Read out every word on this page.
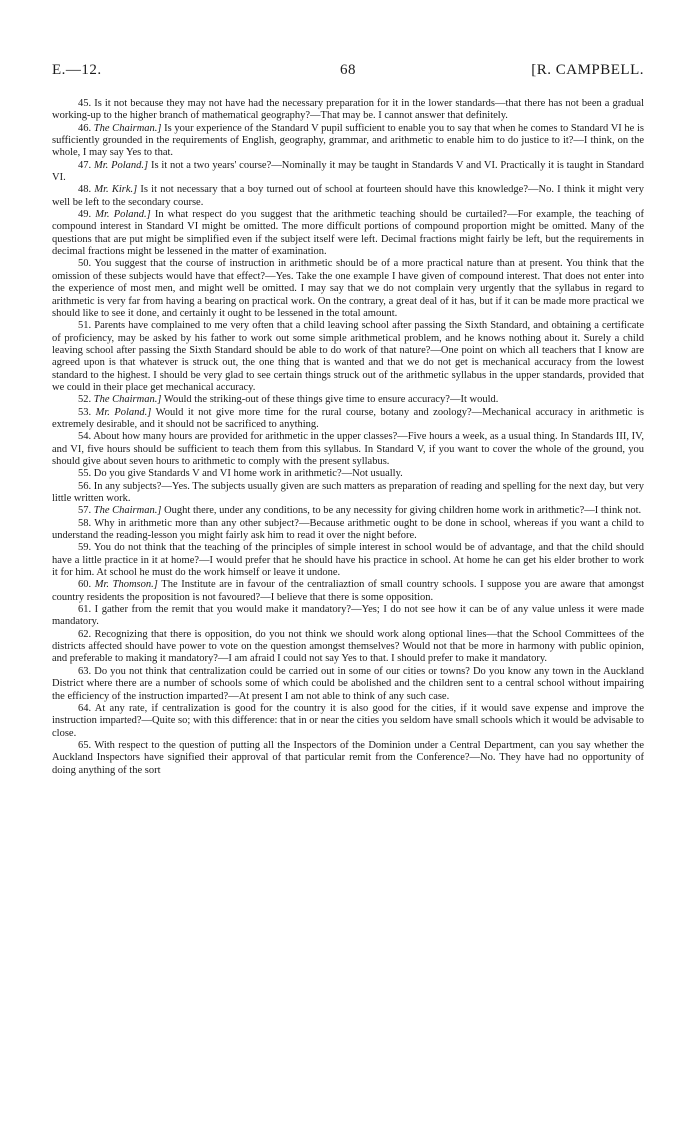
E.—12.	68	[R. CAMPBELL.

45. Is it not because they may not have had the necessary preparation for it in the lower standards—that there has not been a gradual working-up to the higher branch of mathematical geography?—That may be. I cannot answer that definitely.

46. The Chairman.] Is your experience of the Standard V pupil sufficient to enable you to say that when he comes to Standard VI he is sufficiently grounded in the requirements of English, geography, grammar, and arithmetic to enable him to do justice to it?—I think, on the whole, I may say Yes to that.

47. Mr. Poland.] Is it not a two years' course?—Nominally it may be taught in Standards V and VI. Practically it is taught in Standard VI.

48. Mr. Kirk.] Is it not necessary that a boy turned out of school at fourteen should have this knowledge?—No. I think it might very well be left to the secondary course.

49. Mr. Poland.] In what respect do you suggest that the arithmetic teaching should be curtailed?—For example, the teaching of compound interest in Standard VI might be omitted. The more difficult portions of compound proportion might be omitted. Many of the questions that are put might be simplified even if the subject itself were left. Decimal fractions might fairly be left, but the requirements in decimal fractions might be lessened in the matter of examination.

50. You suggest that the course of instruction in arithmetic should be of a more practical nature than at present. You think that the omission of these subjects would have that effect?—Yes. Take the one example I have given of compound interest. That does not enter into the experience of most men, and might well be omitted. I may say that we do not complain very urgently that the syllabus in regard to arithmetic is very far from having a bearing on practical work. On the contrary, a great deal of it has, but if it can be made more practical we should like to see it done, and certainly it ought to be lessened in the total amount.

51. Parents have complained to me very often that a child leaving school after passing the Sixth Standard, and obtaining a certificate of proficiency, may be asked by his father to work out some simple arithmetical problem, and he knows nothing about it. Surely a child leaving school after passing the Sixth Standard should be able to do work of that nature?—One point on which all teachers that I know are agreed upon is that whatever is struck out, the one thing that is wanted and that we do not get is mechanical accuracy from the lowest standard to the highest. I should be very glad to see certain things struck out of the arithmetic syllabus in the upper standards, provided that we could in their place get mechanical accuracy.

52. The Chairman.] Would the striking-out of these things give time to ensure accuracy?—It would.

53. Mr. Poland.] Would it not give more time for the rural course, botany and zoology?—Mechanical accuracy in arithmetic is extremely desirable, and it should not be sacrificed to anything.

54. About how many hours are provided for arithmetic in the upper classes?—Five hours a week, as a usual thing. In Standards III, IV, and VI, five hours should be sufficient to teach them from this syllabus. In Standard V, if you want to cover the whole of the ground, you should give about seven hours to arithmetic to comply with the present syllabus.

55. Do you give Standards V and VI home work in arithmetic?—Not usually.

56. In any subjects?—Yes. The subjects usually given are such matters as preparation of reading and spelling for the next day, but very little written work.

57. The Chairman.] Ought there, under any conditions, to be any necessity for giving children home work in arithmetic?—I think not.

58. Why in arithmetic more than any other subject?—Because arithmetic ought to be done in school, whereas if you want a child to understand the reading-lesson you might fairly ask him to read it over the night before.

59. You do not think that the teaching of the principles of simple interest in school would be of advantage, and that the child should have a little practice in it at home?—I would prefer that he should have his practice in school. At home he can get his elder brother to work it for him. At school he must do the work himself or leave it undone.

60. Mr. Thomson.] The Institute are in favour of the centraliaztion of small country schools. I suppose you are aware that amongst country residents the proposition is not favoured?—I believe that there is some opposition.

61. I gather from the remit that you would make it mandatory?—Yes; I do not see how it can be of any value unless it were made mandatory.

62. Recognizing that there is opposition, do you not think we should work along optional lines—that the School Committees of the districts affected should have power to vote on the question amongst themselves? Would not that be more in harmony with public opinion, and preferable to making it mandatory?—I am afraid I could not say Yes to that. I should prefer to make it mandatory.

63. Do you not think that centralization could be carried out in some of our cities or towns? Do you know any town in the Auckland District where there are a number of schools some of which could be abolished and the children sent to a central school without impairing the efficiency of the instruction imparted?—At present I am not able to think of any such case.

64. At any rate, if centralization is good for the country it is also good for the cities, if it would save expense and improve the instruction imparted?—Quite so; with this difference: that in or near the cities you seldom have small schools which it would be advisable to close.

65. With respect to the question of putting all the Inspectors of the Dominion under a Central Department, can you say whether the Auckland Inspectors have signified their approval of that particular remit from the Conference?—No. They have had no opportunity of doing anything of the sort
